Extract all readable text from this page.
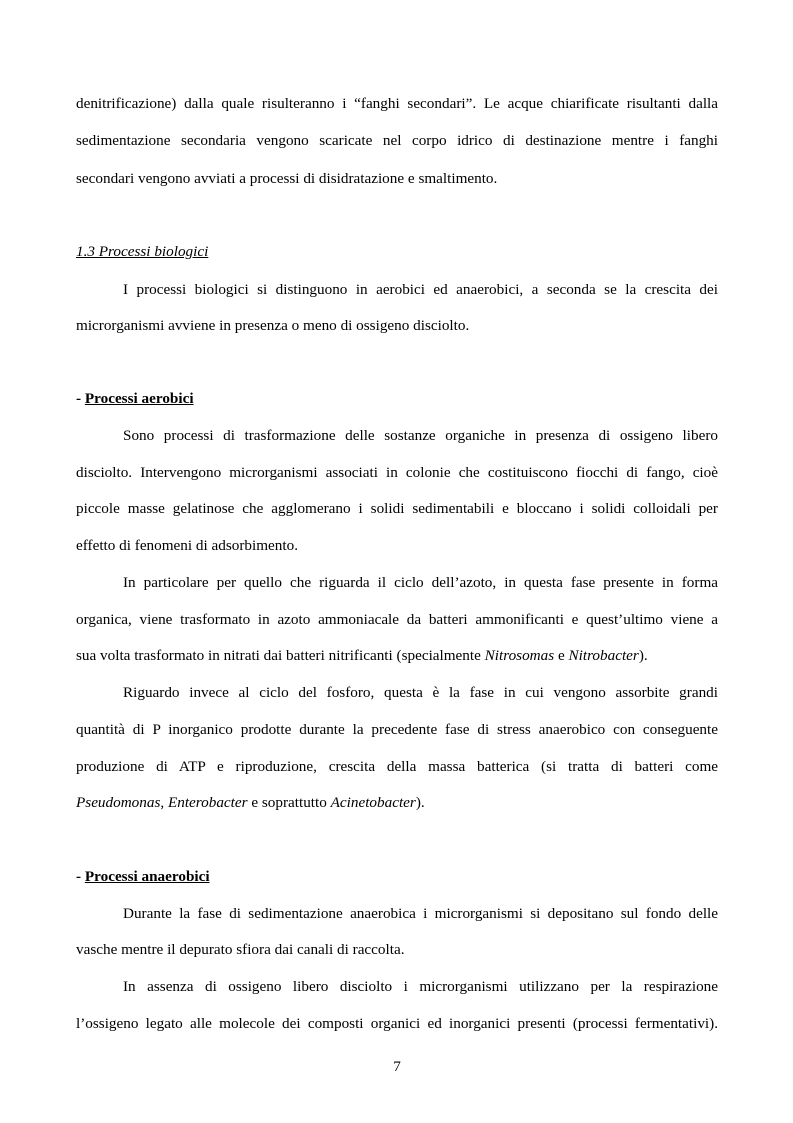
denitrificazione) dalla quale risulteranno i “fanghi secondari”. Le acque chiarificate risultanti dalla
sedimentazione secondaria vengono scaricate nel corpo idrico di destinazione mentre i fanghi
secondari vengono avviati a processi di disidratazione e smaltimento.
1.3 Processi biologici
I processi biologici si distinguono in aerobici ed anaerobici, a seconda se la crescita dei
microrganismi avviene in presenza o meno di ossigeno disciolto.
- Processi aerobici
Sono processi di trasformazione delle sostanze organiche in presenza di ossigeno libero
disciolto. Intervengono microrganismi associati in colonie che costituiscono fiocchi di fango, cioè
piccole masse gelatinose che agglomerano i solidi sedimentabili e bloccano i solidi colloidali per
effetto di fenomeni di adsorbimento.
In particolare per quello che riguarda il ciclo dell’azoto, in questa fase presente in forma
organica, viene trasformato in azoto ammoniacale da batteri ammonificanti e quest’ultimo viene a
sua volta trasformato in nitrati dai batteri nitrificanti (specialmente Nitrosomas e Nitrobacter).
Riguardo invece al ciclo del fosforo, questa è la fase in cui vengono assorbite grandi
quantità di P inorganico prodotte durante la precedente fase di stress anaerobico con conseguente
produzione di ATP e riproduzione, crescita della massa batterica (si tratta di batteri come
Pseudomonas, Enterobacter e soprattutto Acinetobacter).
- Processi anaerobici
Durante la fase di sedimentazione anaerobica i microrganismi si depositano sul fondo delle
vasche mentre il depurato sfiora dai canali di raccolta.
In assenza di ossigeno libero disciolto i microrganismi utilizzano per la respirazione
l’ossigeno legato alle molecole dei composti organici ed inorganici presenti (processi fermentativi).
7
